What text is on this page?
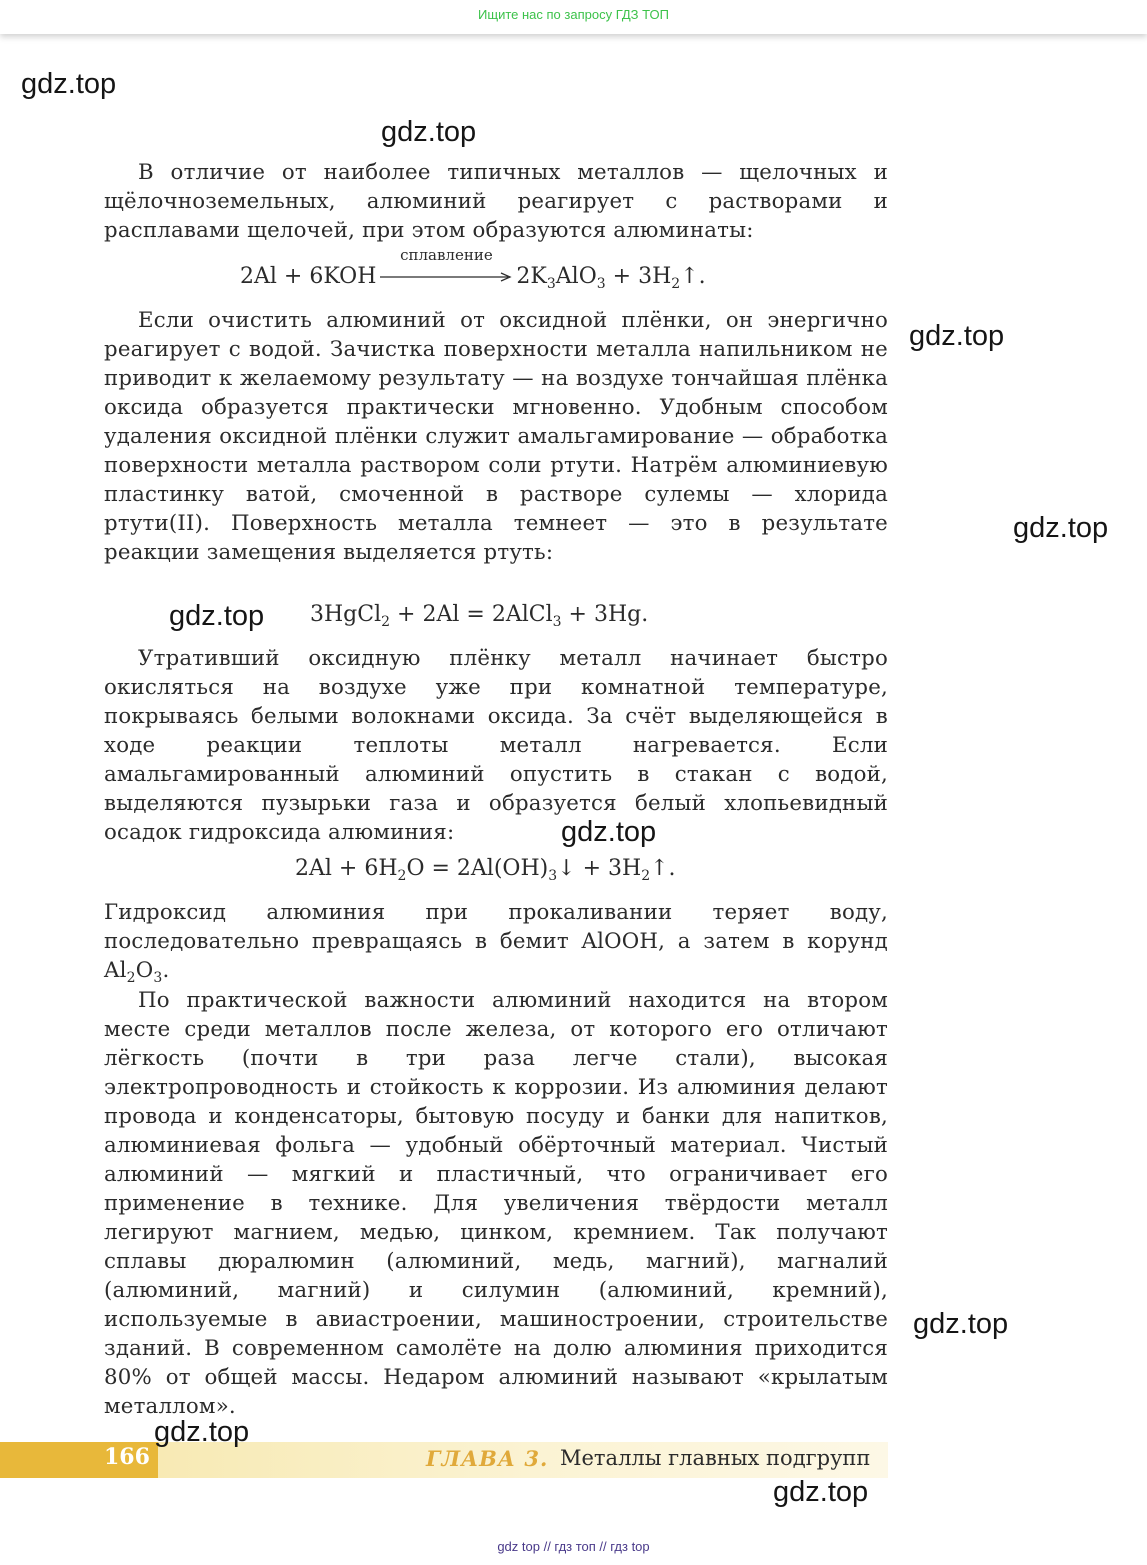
Ищите нас по запросу ГДЗ ТОП

В отличие от наиболее типичных металлов — щелочных и щёлочноземельных, алюминий реагирует с растворами и расплавами щелочей, при этом образуются алюминаты:

2Al + 6KOH
сплавление
$2K_3AlO_3$ + $3H_2↑$.

Если очистить алюминий от оксидной плёнки, он энергично реагирует с водой. Зачистка поверхности металла напильником не приводит к желаемому результату — на воздухе тончайшая плёнка оксида образуется практически мгновенно. Удобным способом удаления оксидной плёнки служит амальгамирование — обработка поверхности металла раствором соли ртути. Натрём алюминиевую пластинку ватой, смоченной в растворе сулемы — хлорида ртути(II). Поверхность металла темнеет — это в результате реакции замещения выделяется ртуть:

3HgCl$_2$ + 2Al = 2AlCl$_3$ + 3Hg.

Утративший оксидную плёнку металл начинает быстро окисляться на воздухе уже при комнатной температуре, покрываясь белыми волокнами оксида. За счёт выделяющейся в ходе реакции теплоты металл нагревается. Если амальгамированный алюминий опустить в стакан с водой, выделяются пузырьки газа и образуется белый хлопьевидный осадок гидроксида алюминия:

$2Al + 6H_2O$ = $2Al(OH)_3↓$ + $3H_2↑$.

Гидроксид алюминия при прокаливании теряет воду, последовательно превращаясь в бемит AlOOH, а затем в корунд $Al_2O_3$.

По практической важности алюминий находится на втором месте среди металлов после железа, от которого его отличают лёгкость (почти в три раза легче стали), высокая электропроводность и стойкость к коррозии. Из алюминия делают провода и конденсаторы, бытовую посуду и банки для напитков, алюминиевая фольга — удобный обёрточный материал. Чистый алюминий — мягкий и пластичный, что ограничивает его применение в технике. Для увеличения твёрдости металл легируют магнием, медью, цинком, кремнием. Так получают сплавы дюралюмин (алюминий, медь, магний), магналий (алюминий, магний) и силумин (алюминий, кремний), используемые в авиастроении, машиностроении, строительстве зданий. В современном самолёте на долю алюминия приходится 80% от общей массы. Недаром алюминий называют «крылатым металлом».

166	ГЛАВА 3. Металлы главных подгрупп
gdz.top
gdz.top
gdz.top
gdz.top
gdz.top
gdz.top
gdz.top
gdz.top
gdz.top
gdz top // гдз топ // гдз top
